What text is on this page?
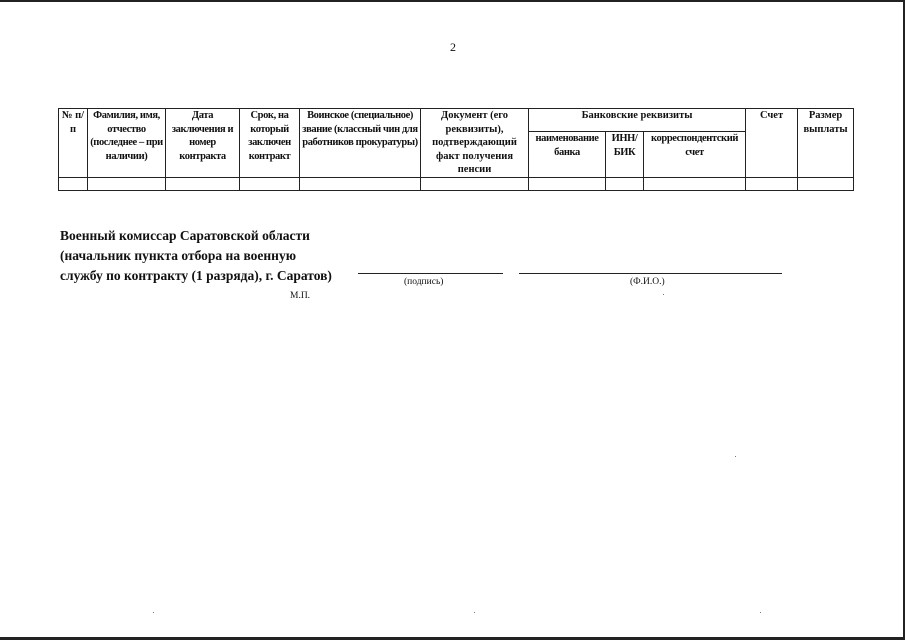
2
№ п/п	Фамилия, имя, отчество (последнее – при наличии)	Дата заключения и номер контракта	Срок, на который заключен контракт	Воинское (специальное) звание (классный чин для работников прокуратуры)	Документ (его реквизиты), подтверждающий факт получения пенсии	Банковские реквизиты			Счет	Размер выплаты
						наименование банка	ИНН/ БИК	корреспондентский счет		

Военный комиссар Саратовской области
(начальник пункта отбора на военную
службу по контракту (1 разряда), г. Саратов)	(подпись)	(Ф.И.О.)
М.П.
